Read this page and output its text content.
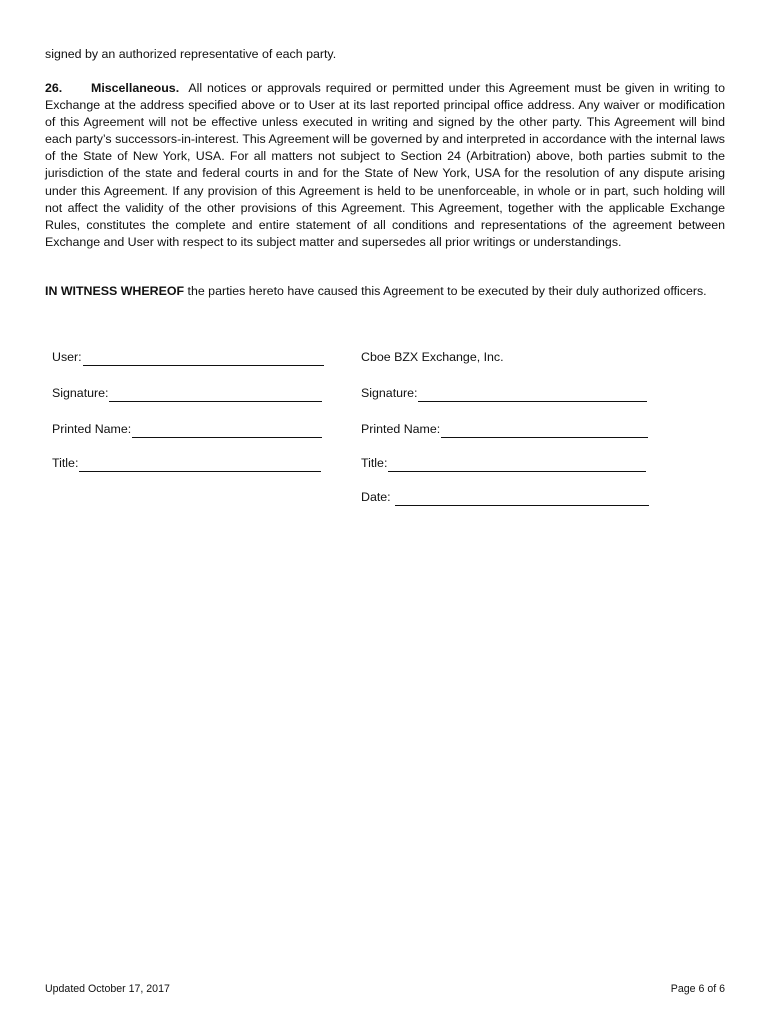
signed by an authorized representative of each party.
26. Miscellaneous. All notices or approvals required or permitted under this Agreement must be given in writing to Exchange at the address specified above or to User at its last reported principal office address. Any waiver or modification of this Agreement will not be effective unless executed in writing and signed by the other party. This Agreement will bind each party’s successors-in-interest. This Agreement will be governed by and interpreted in accordance with the internal laws of the State of New York, USA. For all matters not subject to Section 24 (Arbitration) above, both parties submit to the jurisdiction of the state and federal courts in and for the State of New York, USA for the resolution of any dispute arising under this Agreement. If any provision of this Agreement is held to be unenforceable, in whole or in part, such holding will not affect the validity of the other provisions of this Agreement. This Agreement, together with the applicable Exchange Rules, constitutes the complete and entire statement of all conditions and representations of the agreement between Exchange and User with respect to its subject matter and supersedes all prior writings or understandings.
IN WITNESS WHEREOF the parties hereto have caused this Agreement to be executed by their duly authorized officers.
User:
Signature:
Printed Name:
Title:
Cboe BZX Exchange, Inc.
Signature:
Printed Name:
Title:
Date:
Updated October 17, 2017	Page 6 of 6
